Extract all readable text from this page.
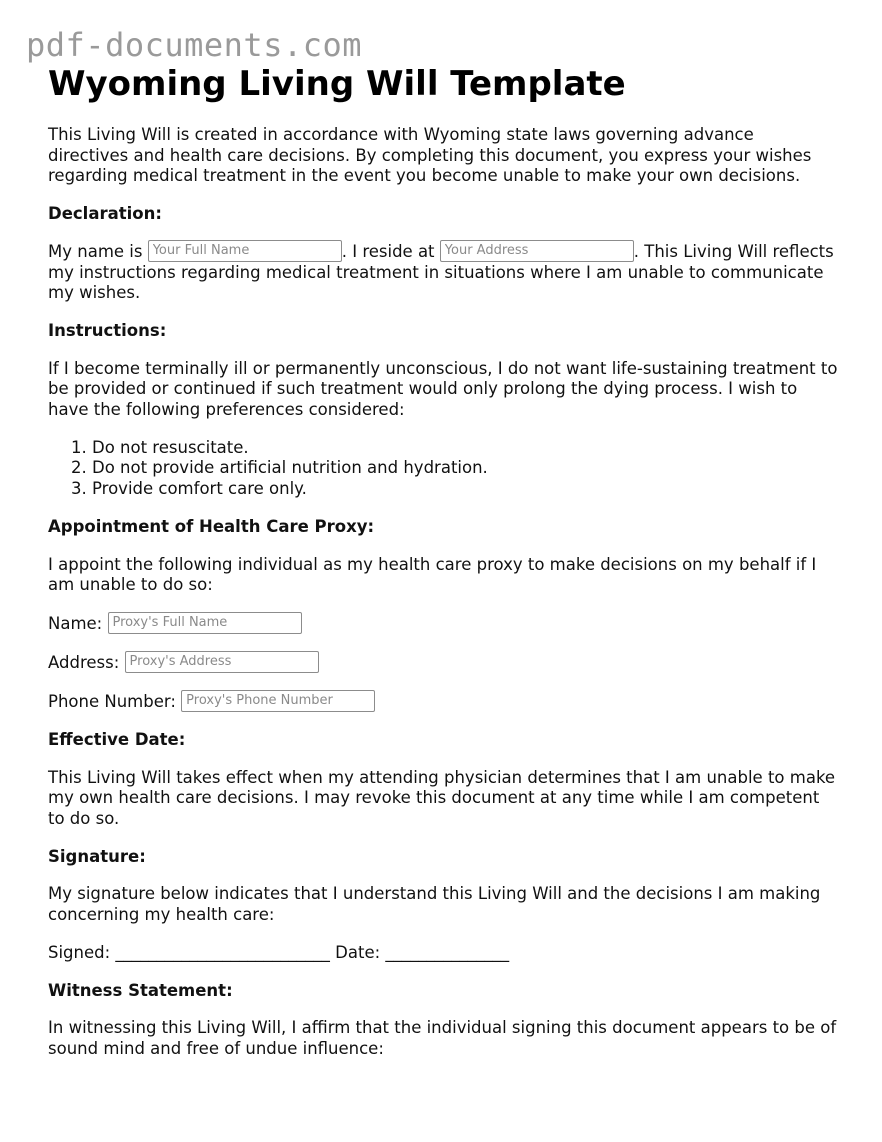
pdf-documents.com
Wyoming Living Will Template

This Living Will is created in accordance with Wyoming state laws governing advance directives and health care decisions. By completing this document, you express your wishes regarding medical treatment in the event you become unable to make your own decisions.

Declaration:

My name is Your Full Name	. I reside at Your Address	. This Living Will reflects my instructions regarding medical treatment in situations where I am unable to communicate my wishes.

Instructions:

If I become terminally ill or permanently unconscious, I do not want life-sustaining treatment to be provided or continued if such treatment would only prolong the dying process. I wish to have the following preferences considered:

1. Do not resuscitate.
2. Do not provide artificial nutrition and hydration.
3. Provide comfort care only.

Appointment of Health Care Proxy:

I appoint the following individual as my health care proxy to make decisions on my behalf if I am unable to do so:

Name: Proxy's Full Name
Address: Proxy's Address
Phone Number: Proxy's Phone Number

Effective Date:

This Living Will takes effect when my attending physician determines that I am unable to make my own health care decisions. I may revoke this document at any time while I am competent to do so.

Signature:

My signature below indicates that I understand this Living Will and the decisions I am making concerning my health care:

Signed: __________________________ Date: _______________

Witness Statement:

In witnessing this Living Will, I affirm that the individual signing this document appears to be of sound mind and free of undue influence:
